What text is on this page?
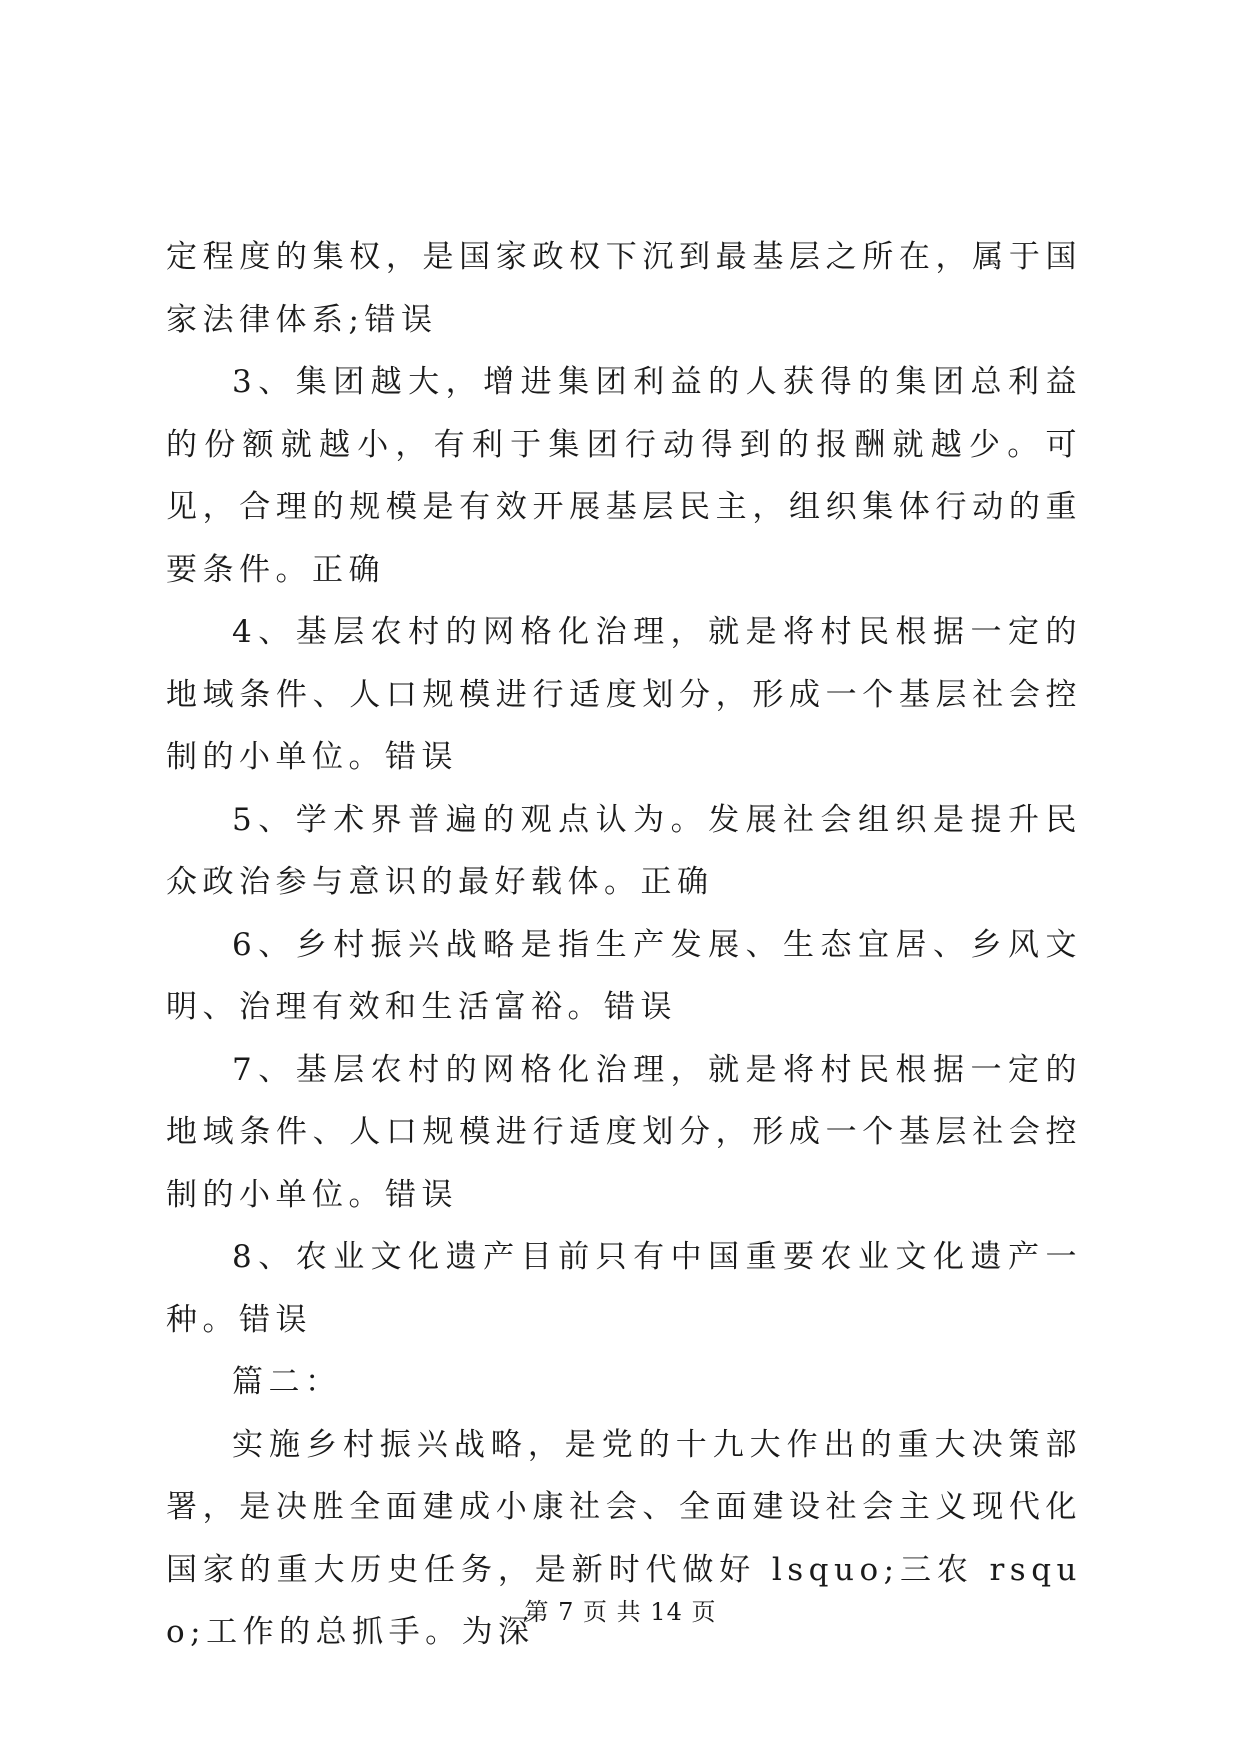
定程度的集权，是国家政权下沉到最基层之所在，属于国家法律体系;错误

3、集团越大，增进集团利益的人获得的集团总利益的份额就越小，有利于集团行动得到的报酬就越少。可见，合理的规模是有效开展基层民主，组织集体行动的重要条件。正确

4、基层农村的网格化治理，就是将村民根据一定的地域条件、人口规模进行适度划分，形成一个基层社会控制的小单位。错误

5、学术界普遍的观点认为。发展社会组织是提升民众政治参与意识的最好载体。正确

6、乡村振兴战略是指生产发展、生态宜居、乡风文明、治理有效和生活富裕。错误

7、基层农村的网格化治理，就是将村民根据一定的地域条件、人口规模进行适度划分，形成一个基层社会控制的小单位。错误

8、农业文化遗产目前只有中国重要农业文化遗产一种。错误

篇二：

实施乡村振兴战略，是党的十九大作出的重大决策部署，是决胜全面建成小康社会、全面建设社会主义现代化国家的重大历史任务，是新时代做好 lsquo;三农 rsquo;工作的总抓手。为深

第 7 页 共 14 页
